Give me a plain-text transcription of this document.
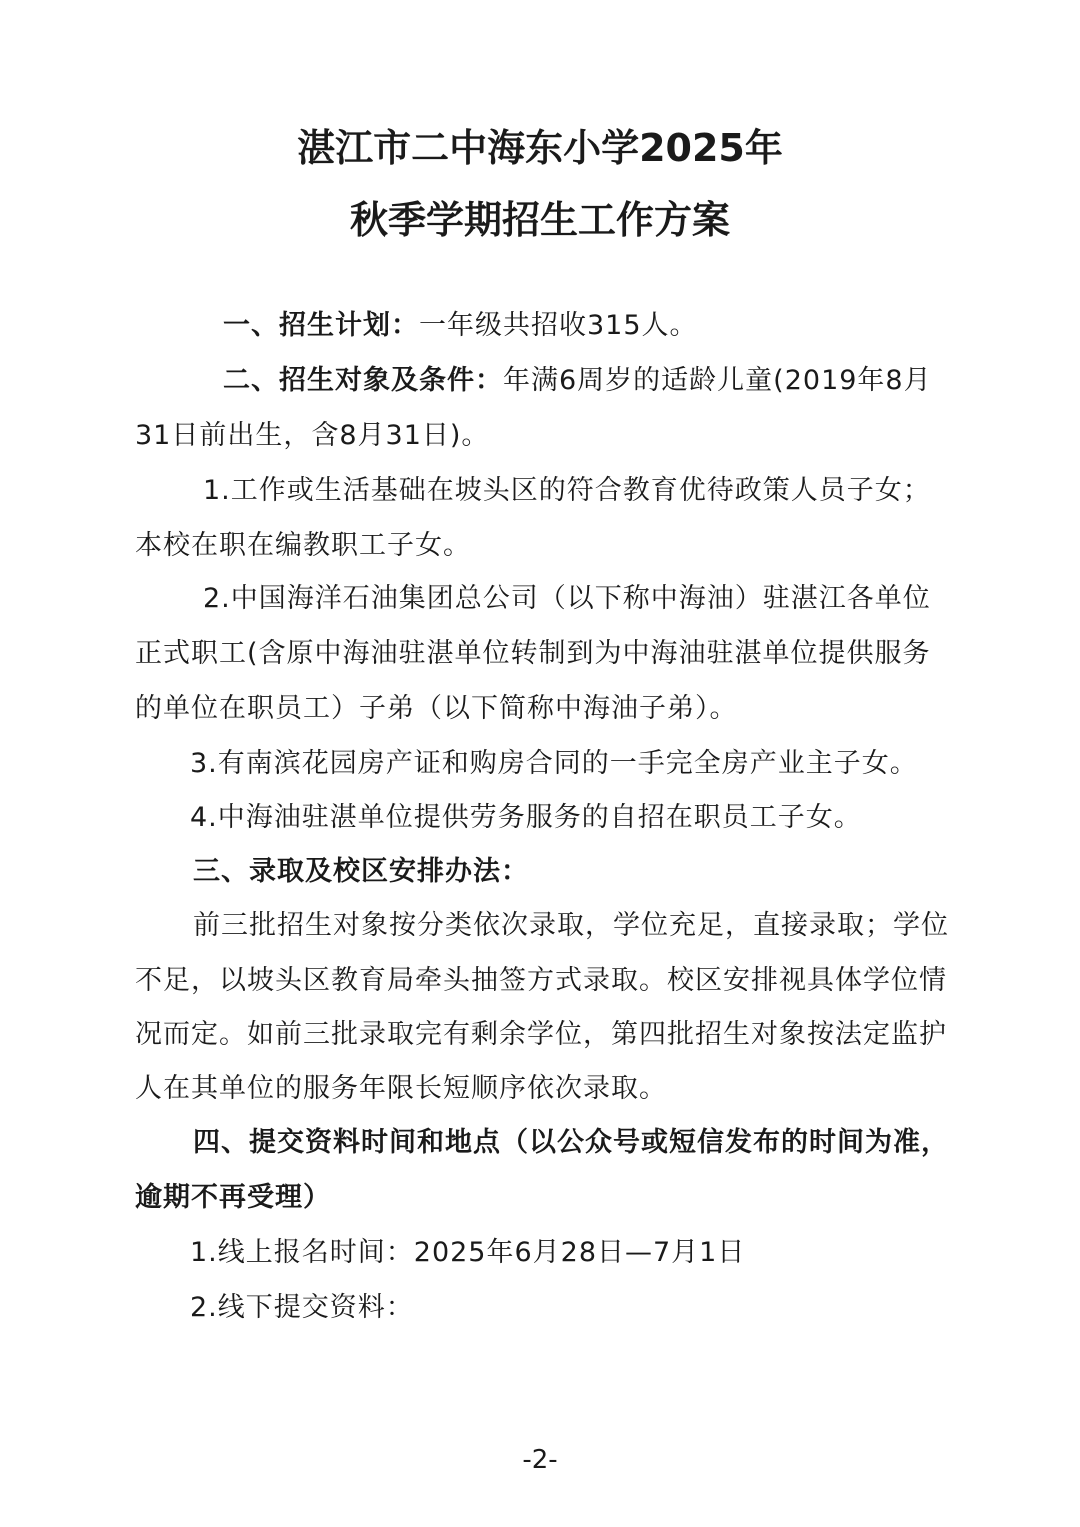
湛江市二中海东小学2025年
秋季学期招生工作方案
一、招生计划：一年级共招收315人。
二、招生对象及条件：年满6周岁的适龄儿童(2019年8月
31日前出生，含8月31日)。
1.工作或生活基础在坡头区的符合教育优待政策人员子女；
本校在职在编教职工子女。
2.中国海洋石油集团总公司（以下称中海油）驻湛江各单位
正式职工(含原中海油驻湛单位转制到为中海油驻湛单位提供服务
的单位在职员工）子弟（以下简称中海油子弟）。
3.有南滨花园房产证和购房合同的一手完全房产业主子女。
4.中海油驻湛单位提供劳务服务的自招在职员工子女。
三、录取及校区安排办法：
前三批招生对象按分类依次录取，学位充足，直接录取；学位
不足，以坡头区教育局牵头抽签方式录取。校区安排视具体学位情
况而定。如前三批录取完有剩余学位，第四批招生对象按法定监护
人在其单位的服务年限长短顺序依次录取。
四、提交资料时间和地点（以公众号或短信发布的时间为准，
逾期不再受理）
1.线上报名时间：2025年6月28日—7月1日
2.线下提交资料：
-2-
